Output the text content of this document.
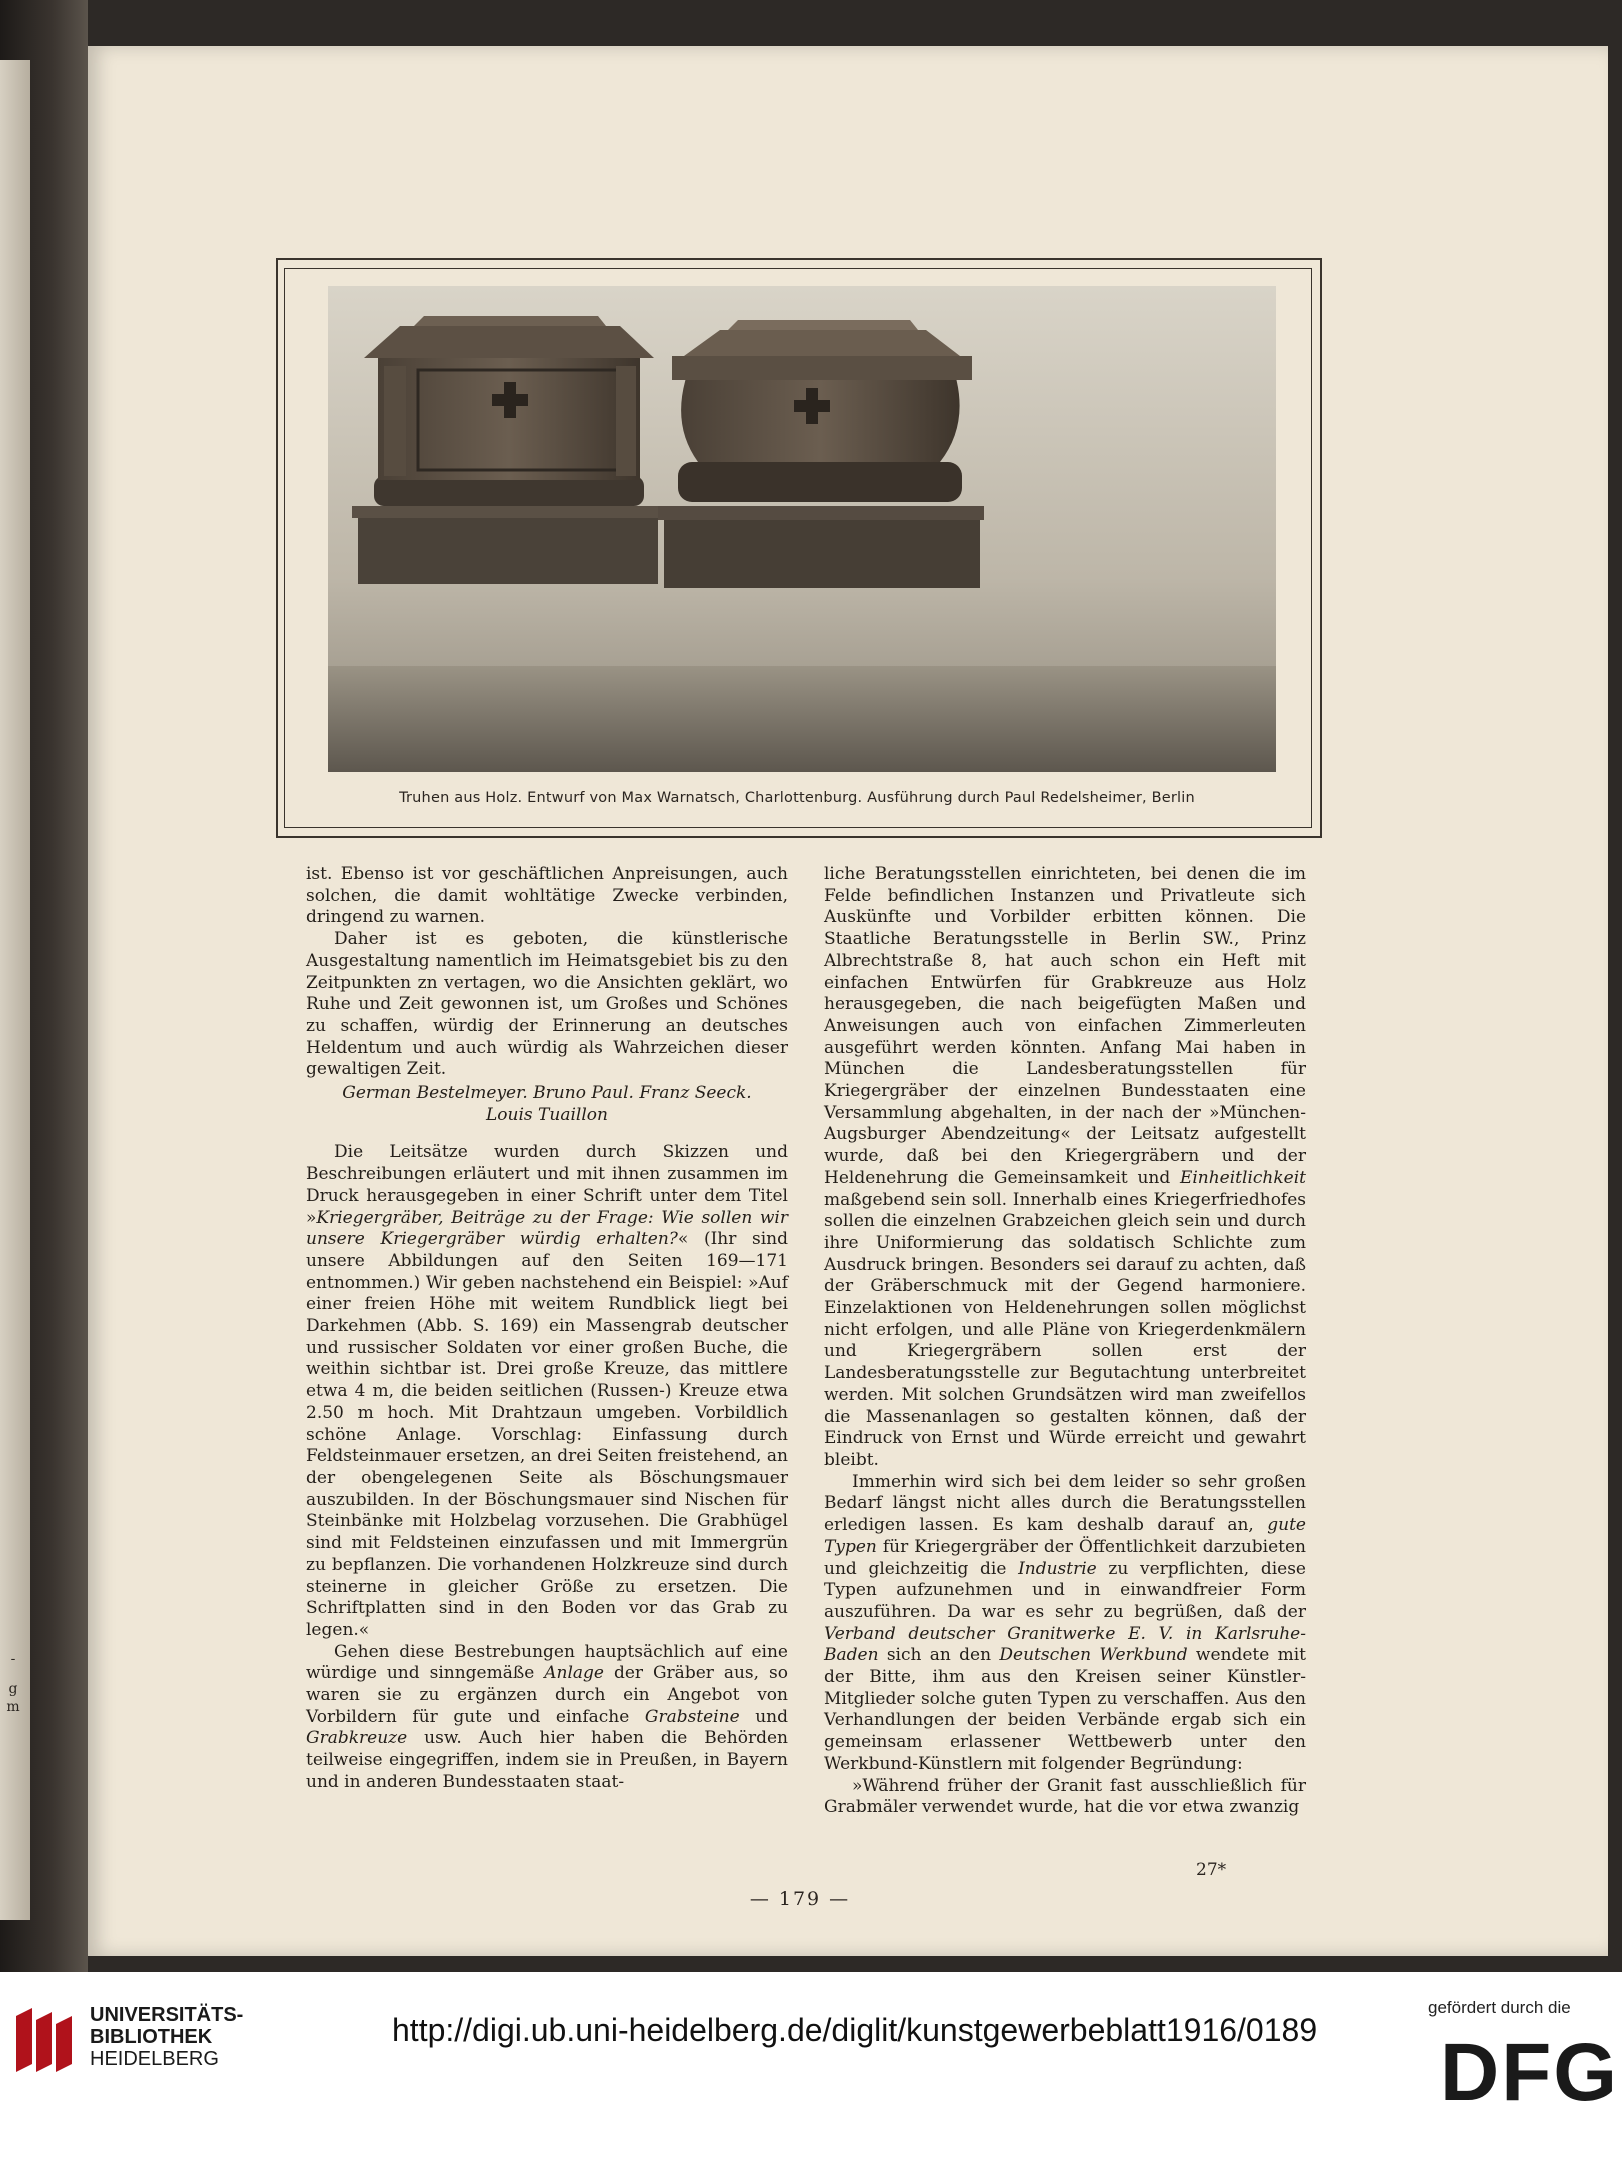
-
g
m
Truhen aus Holz. Entwurf von Max Warnatsch, Charlottenburg. Ausführung durch Paul Redelsheimer, Berlin

ist. Ebenso ist vor geschäftlichen Anpreisungen, auch solchen, die damit wohltätige Zwecke verbinden, dringend zu warnen.

Daher ist es geboten, die künstlerische Ausgestaltung namentlich im Heimatsgebiet bis zu den Zeitpunkten zn vertagen, wo die Ansichten geklärt, wo Ruhe und Zeit gewonnen ist, um Großes und Schönes zu schaffen, würdig der Erinnerung an deutsches Heldentum und auch würdig als Wahrzeichen dieser gewaltigen Zeit.

German Bestelmeyer. Bruno Paul. Franz Seeck.
Louis Tuaillon

Die Leitsätze wurden durch Skizzen und Beschreibungen erläutert und mit ihnen zusammen im Druck herausgegeben in einer Schrift unter dem Titel »Kriegergräber, Beiträge zu der Frage: Wie sollen wir unsere Kriegergräber würdig erhalten?« (Ihr sind unsere Abbildungen auf den Seiten 169—171 entnommen.) Wir geben nachstehend ein Beispiel: »Auf einer freien Höhe mit weitem Rundblick liegt bei Darkehmen (Abb. S. 169) ein Massengrab deutscher und russischer Soldaten vor einer großen Buche, die weithin sichtbar ist. Drei große Kreuze, das mittlere etwa 4 m, die beiden seitlichen (Russen-) Kreuze etwa 2.50 m hoch. Mit Drahtzaun umgeben. Vorbildlich schöne Anlage. Vorschlag: Einfassung durch Feldsteinmauer ersetzen, an drei Seiten freistehend, an der obengelegenen Seite als Böschungsmauer auszubilden. In der Böschungsmauer sind Nischen für Steinbänke mit Holzbelag vorzusehen. Die Grabhügel sind mit Feldsteinen einzufassen und mit Immergrün zu bepflanzen. Die vorhandenen Holzkreuze sind durch steinerne in gleicher Größe zu ersetzen. Die Schriftplatten sind in den Boden vor das Grab zu legen.«

Gehen diese Bestrebungen hauptsächlich auf eine würdige und sinngemäße Anlage der Gräber aus, so waren sie zu ergänzen durch ein Angebot von Vorbildern für gute und einfache Grabsteine und Grabkreuze usw. Auch hier haben die Behörden teilweise eingegriffen, indem sie in Preußen, in Bayern und in anderen Bundesstaaten staat-

liche Beratungsstellen einrichteten, bei denen die im Felde befindlichen Instanzen und Privatleute sich Auskünfte und Vorbilder erbitten können. Die Staatliche Beratungsstelle in Berlin SW., Prinz Albrechtstraße 8, hat auch schon ein Heft mit einfachen Entwürfen für Grabkreuze aus Holz herausgegeben, die nach beigefügten Maßen und Anweisungen auch von einfachen Zimmerleuten ausgeführt werden könnten. Anfang Mai haben in München die Landesberatungsstellen für Kriegergräber der einzelnen Bundesstaaten eine Versammlung abgehalten, in der nach der »München-Augsburger Abendzeitung« der Leitsatz aufgestellt wurde, daß bei den Kriegergräbern und der Heldenehrung die Gemeinsamkeit und Einheitlichkeit maßgebend sein soll. Innerhalb eines Kriegerfriedhofes sollen die einzelnen Grabzeichen gleich sein und durch ihre Uniformierung das soldatisch Schlichte zum Ausdruck bringen. Besonders sei darauf zu achten, daß der Gräberschmuck mit der Gegend harmoniere. Einzelaktionen von Heldenehrungen sollen möglichst nicht erfolgen, und alle Pläne von Kriegerdenkmälern und Kriegergräbern sollen erst der Landesberatungsstelle zur Begutachtung unterbreitet werden. Mit solchen Grundsätzen wird man zweifellos die Massenanlagen so gestalten können, daß der Eindruck von Ernst und Würde erreicht und gewahrt bleibt.

Immerhin wird sich bei dem leider so sehr großen Bedarf längst nicht alles durch die Beratungsstellen erledigen lassen. Es kam deshalb darauf an, gute Typen für Kriegergräber der Öffentlichkeit darzubieten und gleichzeitig die Industrie zu verpflichten, diese Typen aufzunehmen und in einwandfreier Form auszuführen. Da war es sehr zu begrüßen, daß der Verband deutscher Granitwerke E. V. in Karlsruhe-Baden sich an den Deutschen Werkbund wendete mit der Bitte, ihm aus den Kreisen seiner Künstler-Mitglieder solche guten Typen zu verschaffen. Aus den Verhandlungen der beiden Verbände ergab sich ein gemeinsam erlassener Wettbewerb unter den Werkbund-Künstlern mit folgender Begründung:

»Während früher der Granit fast ausschließlich für Grabmäler verwendet wurde, hat die vor etwa zwanzig

27*
— 179 —
UNIVERSITÄTS-
BIBLIOTHEK
HEIDELBERG
http://digi.ub.uni-heidelberg.de/diglit/kunstgewerbeblatt1916/0189
gefördert durch die
DFG
